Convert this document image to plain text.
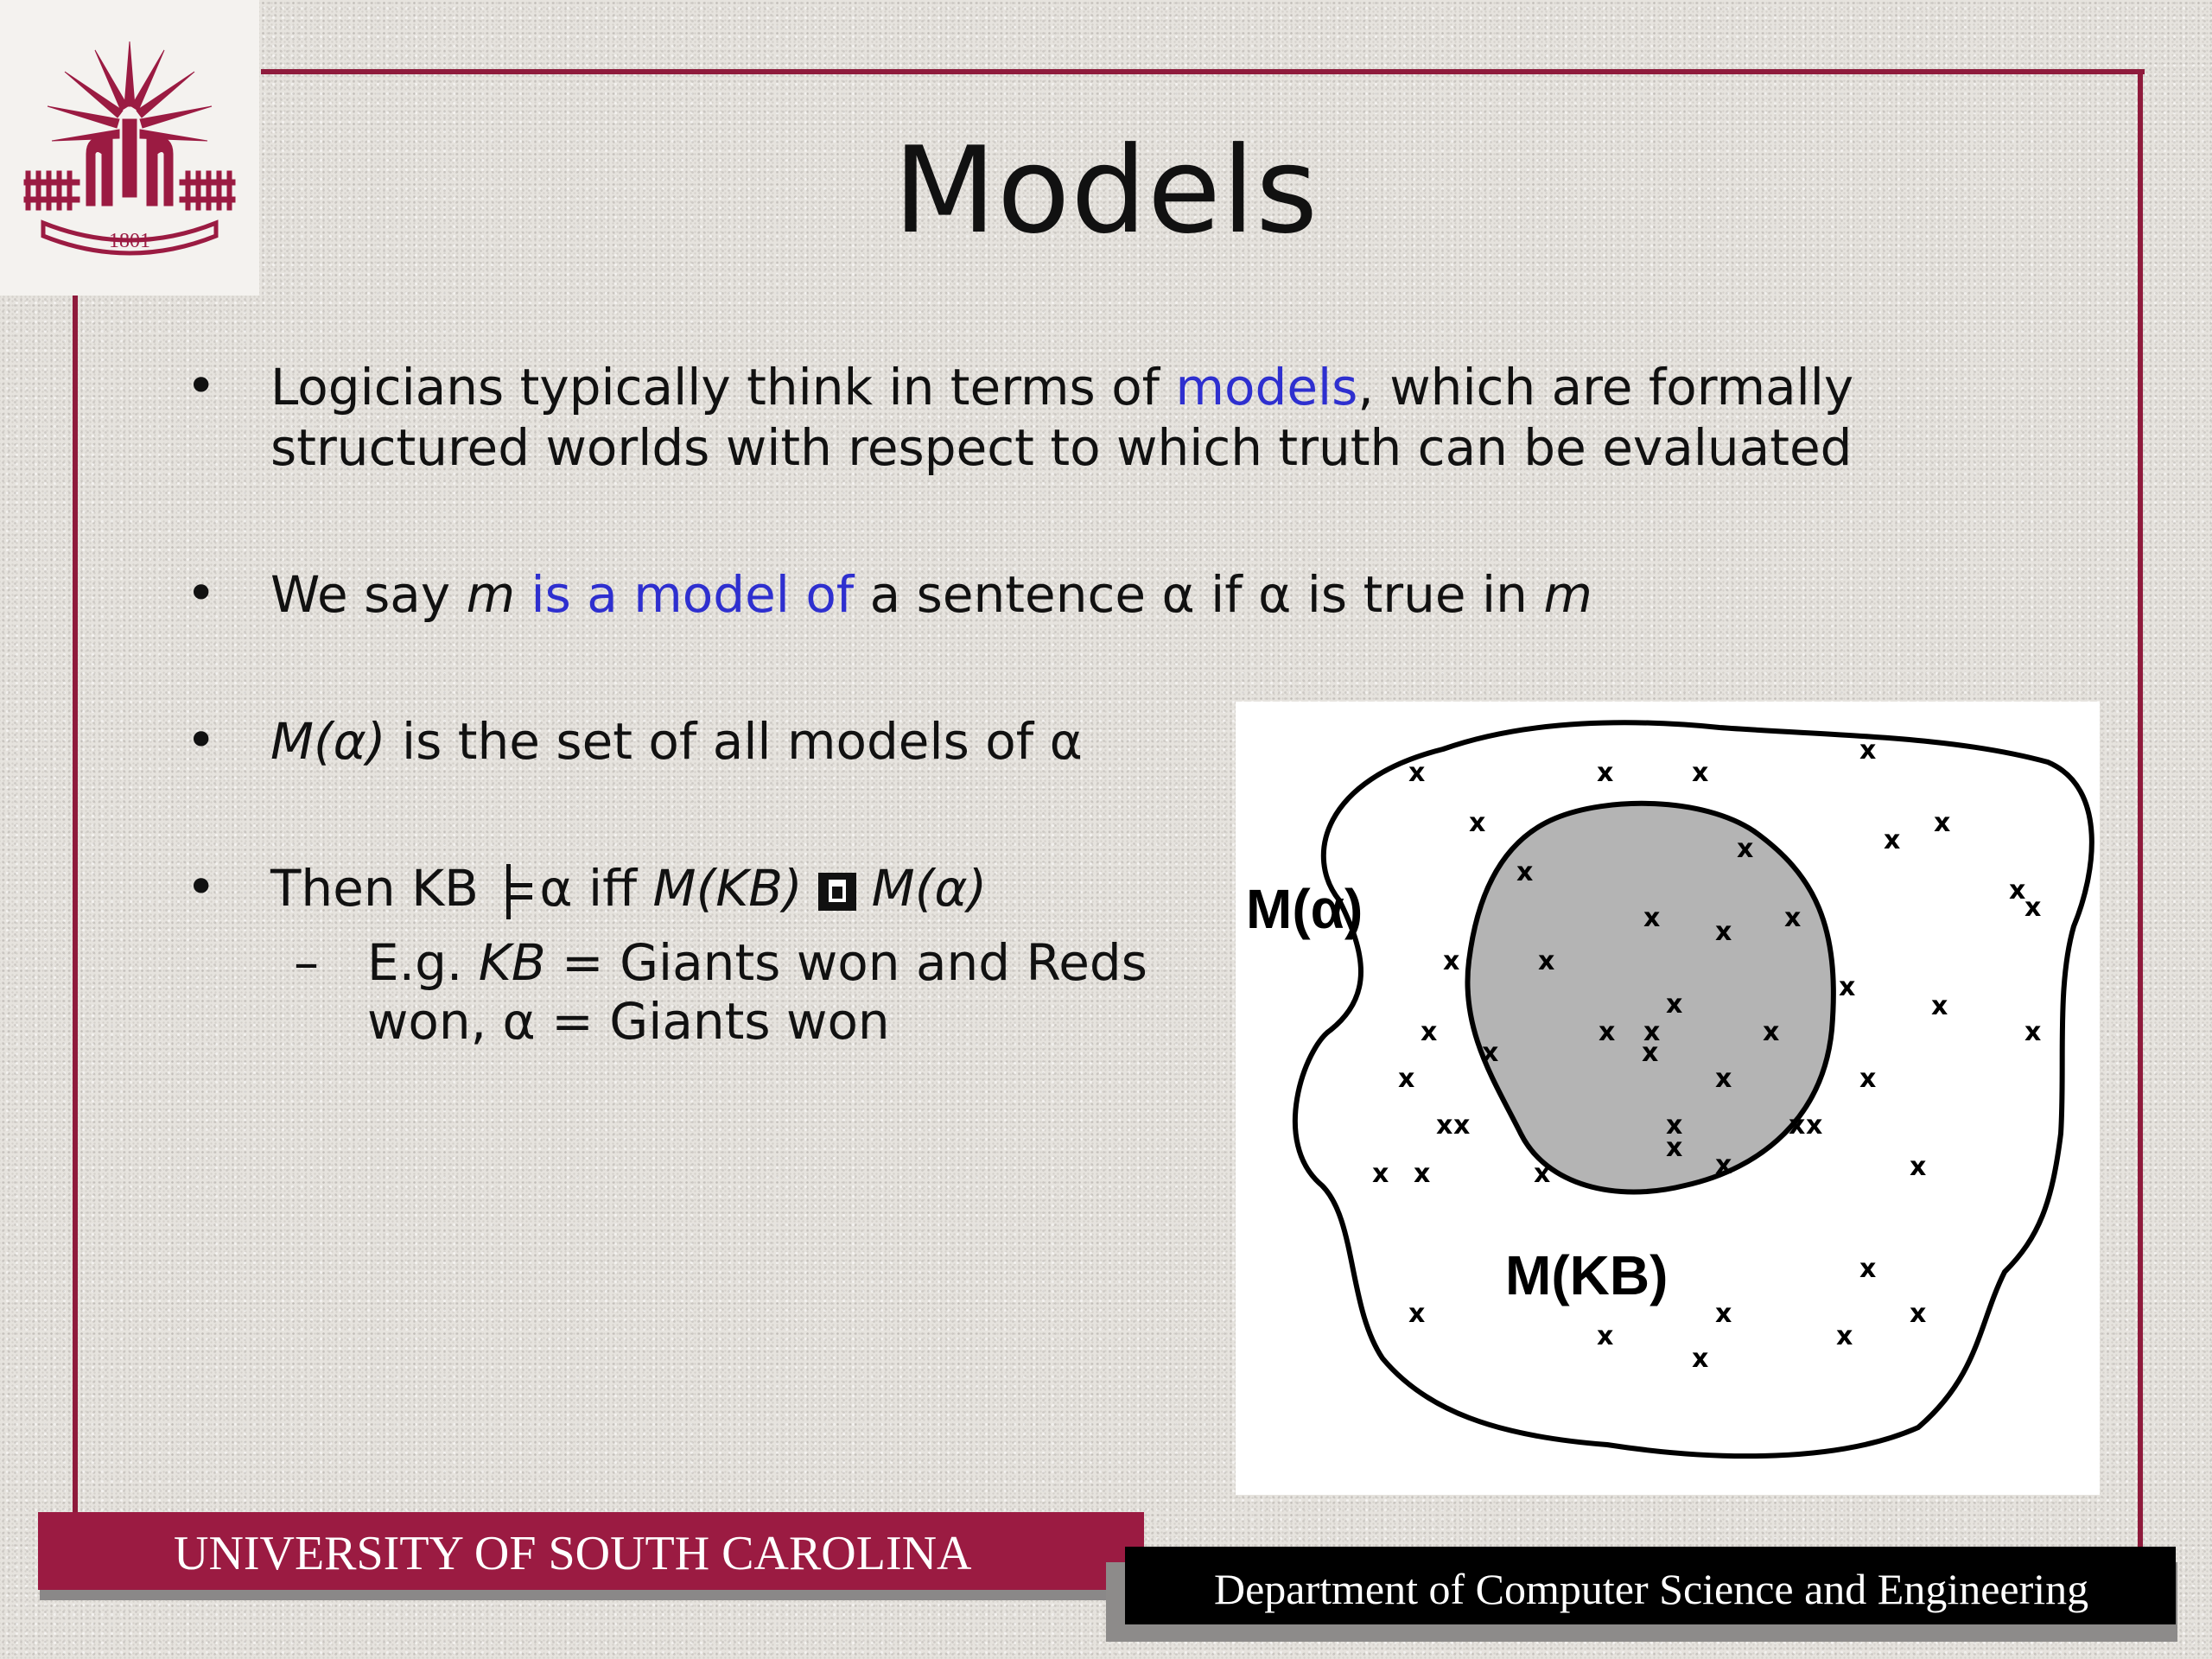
1801	Models
• Logicians typically think in terms of models, which are formally
structured worlds with respect to which truth can be evaluated
• We say m is a model of a sentence α if α is true in m
• M(α) is the set of all models of α
• Then KB
α iff M(KB) M(α)
– E.g. KB = Giants won and Reds
won, α = Giants won
x	x	x
x
x
x
x
x
x
x
x
x x x
x	x
x
x	x
x	x x
x
x	x
x
x	x	x
x x	x	x x
x
x
x
x x	x
x
x	x	x
x	x
x
M(α)
M(KB)
UNIVERSITY OF SOUTH CAROLINA
Department of Computer Science and Engineering
